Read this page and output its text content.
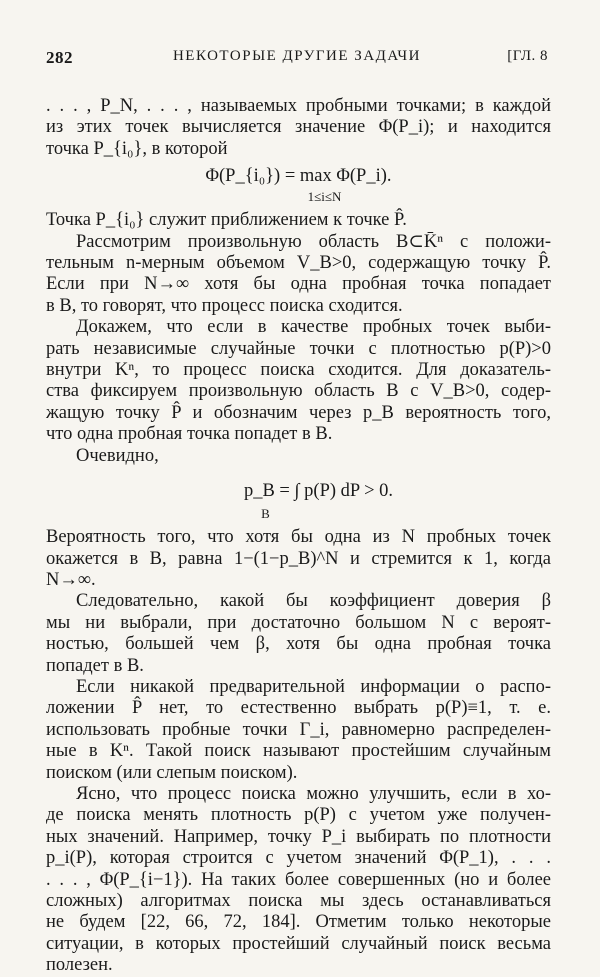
282	НЕКОТОРЫЕ ДРУГИЕ ЗАДАЧИ	[ГЛ. 8

. . . , P_N, . . . , называемых пробными точками; в каждой
из этих точек вычисляется значение Φ(P_i); и находится
точка P_{i₀}, в которой

Φ(P_{i₀}) = max Φ(P_i).
1≤i≤N

Точка P_{i₀} служит приближением к точке P̂.

Рассмотрим произвольную область B⊂K̄ⁿ с положи-
тельным n-мерным объемом V_B>0, содержащую точку P̂.
Если при N→∞ хотя бы одна пробная точка попадает
в B, то говорят, что процесс поиска сходится.

Докажем, что если в качестве пробных точек выби-
рать независимые случайные точки с плотностью p(P)>0
внутри Kⁿ, то процесс поиска сходится. Для доказатель-
ства фиксируем произвольную область B с V_B>0, содер-
жащую точку P̂ и обозначим через p_B вероятность того,
что одна пробная точка попадет в B.

Очевидно,

p_B = ∫ p(P) dP > 0.
B

Вероятность того, что хотя бы одна из N пробных точек
окажется в B, равна 1−(1−p_B)^N и стремится к 1, когда
N→∞.

Следовательно, какой бы коэффициент доверия β
мы ни выбрали, при достаточно большом N с вероят-
ностью, большей чем β, хотя бы одна пробная точка
попадет в B.

Если никакой предварительной информации о распо-
ложении P̂ нет, то естественно выбрать p(P)≡1, т. е.
использовать пробные точки Γ_i, равномерно распределен-
ные в Kⁿ. Такой поиск называют простейшим случайным
поиском (или слепым поиском).

Ясно, что процесс поиска можно улучшить, если в хо-
де поиска менять плотность p(P) с учетом уже получен-
ных значений. Например, точку P_i выбирать по плотности
p_i(P), которая строится с учетом значений Φ(P_1), . . .
. . . , Φ(P_{i−1}). На таких более совершенных (но и более
сложных) алгоритмах поиска мы здесь останавливаться
не будем [22, 66, 72, 184]. Отметим только некоторые
ситуации, в которых простейший случайный поиск весьма
полезен.
